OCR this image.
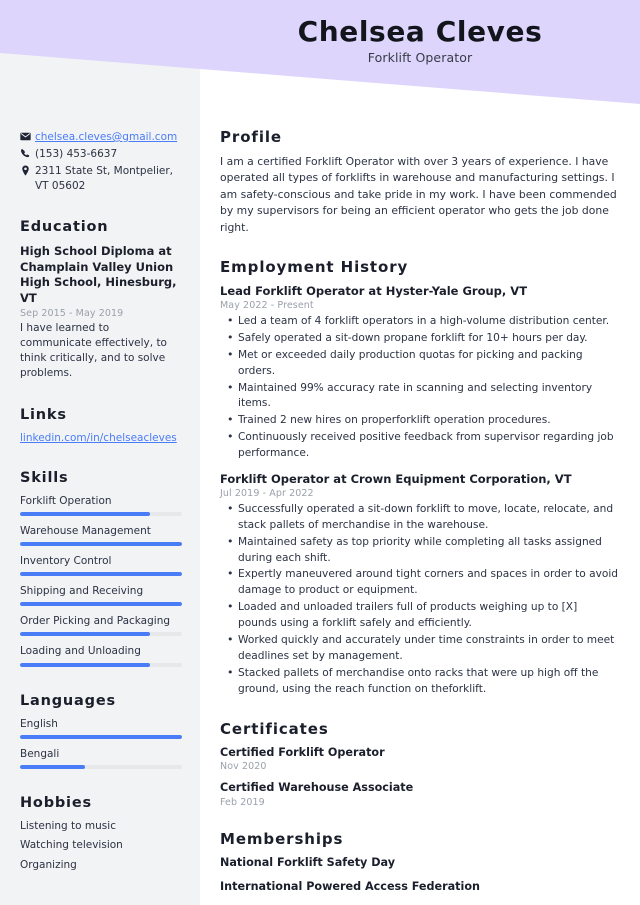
Chelsea Cleves
Forklift Operator
chelsea.cleves@gmail.com
(153) 453-6637
2311 State St, Montpelier, VT 05602
Education
High School Diploma at Champlain Valley Union High School, Hinesburg, VT
Sep 2015 - May 2019
I have learned to communicate effectively, to think critically, and to solve problems.
Links
linkedin.com/in/chelseacleves
Skills
Forklift Operation
Warehouse Management
Inventory Control
Shipping and Receiving
Order Picking and Packaging
Loading and Unloading
Languages
English
Bengali
Hobbies
Listening to music
Watching television
Organizing
Profile

I am a certified Forklift Operator with over 3 years of experience. I have operated all types of forklifts in warehouse and manufacturing settings. I am safety-conscious and take pride in my work. I have been commended by my supervisors for being an efficient operator who gets the job done right.

Employment History
Lead Forklift Operator at Hyster-Yale Group, VT
May 2022 - Present
• Led a team of 4 forklift operators in a high-volume distribution center.
• Safely operated a sit-down propane forklift for 10+ hours per day.
• Met or exceeded daily production quotas for picking and packing orders.
• Maintained 99% accuracy rate in scanning and selecting inventory items.
• Trained 2 new hires on properforklift operation procedures.
• Continuously received positive feedback from supervisor regarding job performance.
Forklift Operator at Crown Equipment Corporation, VT
Jul 2019 - Apr 2022
• Successfully operated a sit-down forklift to move, locate, relocate, and stack pallets of merchandise in the warehouse.
• Maintained safety as top priority while completing all tasks assigned during each shift.
• Expertly maneuvered around tight corners and spaces in order to avoid damage to product or equipment.
• Loaded and unloaded trailers full of products weighing up to [X] pounds using a forklift safely and efficiently.
• Worked quickly and accurately under time constraints in order to meet deadlines set by management.
• Stacked pallets of merchandise onto racks that were up high off the ground, using the reach function on theforklift.
Certificates
Certified Forklift Operator
Nov 2020
Certified Warehouse Associate
Feb 2019
Memberships
National Forklift Safety Day
International Powered Access Federation
